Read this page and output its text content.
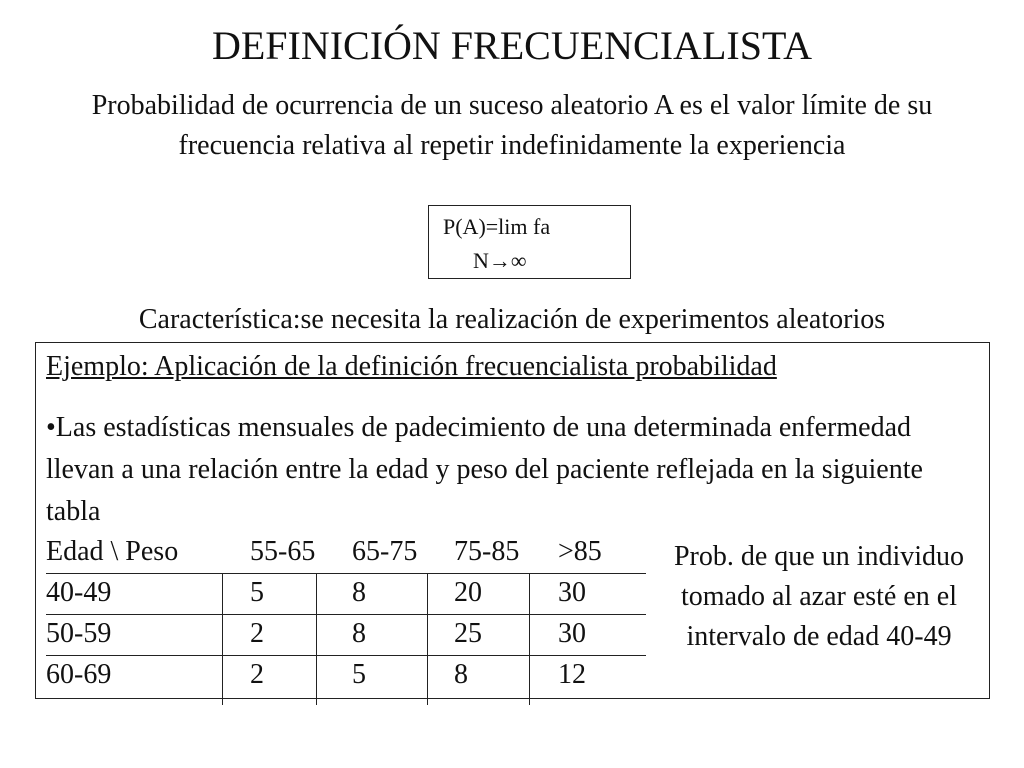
DEFINICIÓN FRECUENCIALISTA
Probabilidad de ocurrencia de un suceso aleatorio A es el valor límite de su frecuencia relativa al repetir indefinidamente la experiencia
P(A)=lim fa
N→∞
Característica:se necesita la realización de experimentos aleatorios
Ejemplo: Aplicación de la definición frecuencialista probabilidad
•Las estadísticas mensuales de padecimiento de una determinada enfermedad llevan a una relación entre la edad y peso del paciente reflejada en la siguiente tabla
Edad \ Peso	55-65 65-75 75-85 >85
40-49	5	8	20	30
50-59	2	8	25	30
60-69	2	5	8	12
Prob. de que un individuo tomado al azar esté en el intervalo de edad 40-49
